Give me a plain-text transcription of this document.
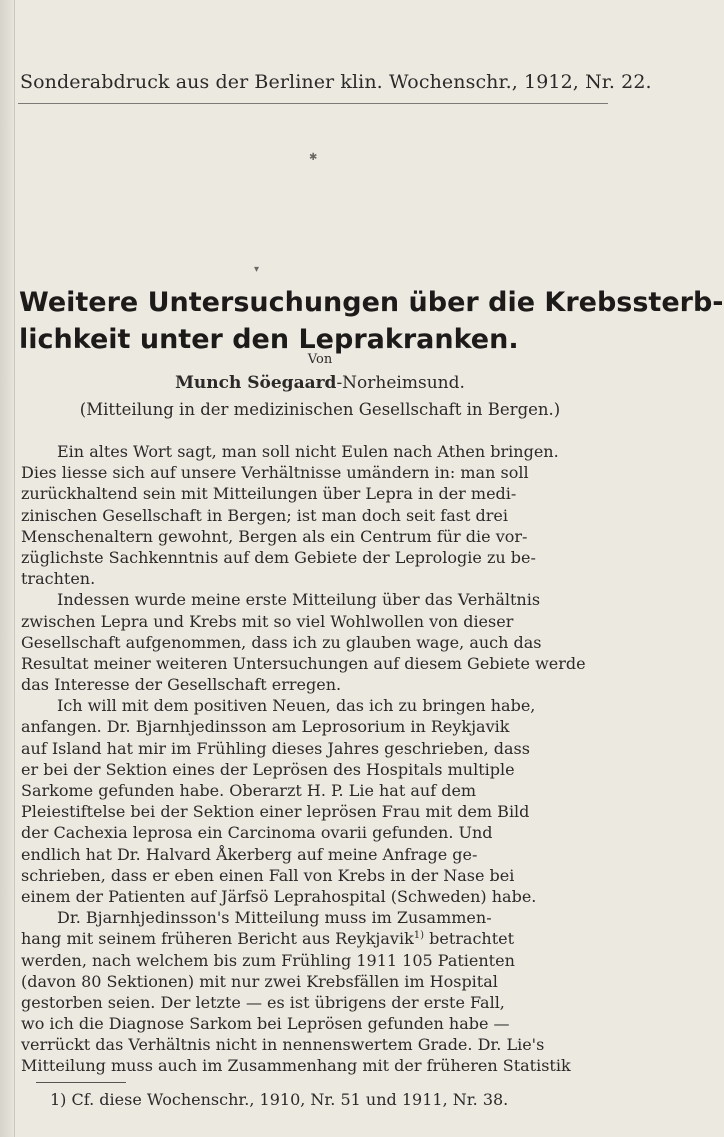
Sonderabdruck aus der Berliner klin. Wochenschr., 1912, Nr. 22.
✱
▾
Weitere Untersuchungen über die Krebssterb-
lichkeit unter den Leprakranken.
Von
Munch Söegaard-Norheimsund.
(Mitteilung in der medizinischen Gesellschaft in Bergen.)
Ein altes Wort sagt, man soll nicht Eulen nach Athen bringen.
Dies liesse sich auf unsere Verhältnisse umändern in: man soll
zurückhaltend sein mit Mitteilungen über Lepra in der medi-
zinischen Gesellschaft in Bergen; ist man doch seit fast drei
Menschenaltern gewohnt, Bergen als ein Centrum für die vor-
züglichste Sachkenntnis auf dem Gebiete der Leprologie zu be-
trachten.
Indessen wurde meine erste Mitteilung über das Verhältnis
zwischen Lepra und Krebs mit so viel Wohlwollen von dieser
Gesellschaft aufgenommen, dass ich zu glauben wage, auch das
Resultat meiner weiteren Untersuchungen auf diesem Gebiete werde
das Interesse der Gesellschaft erregen.
Ich will mit dem positiven Neuen, das ich zu bringen habe,
anfangen. Dr. Bjarnhjedinsson am Leprosorium in Reykjavik
auf Island hat mir im Frühling dieses Jahres geschrieben, dass
er bei der Sektion eines der Leprösen des Hospitals multiple
Sarkome gefunden habe. Oberarzt H. P. Lie hat auf dem
Pleiestiftelse bei der Sektion einer leprösen Frau mit dem Bild
der Cachexia leprosa ein Carcinoma ovarii gefunden. Und
endlich hat Dr. Halvard Åkerberg auf meine Anfrage ge-
schrieben, dass er eben einen Fall von Krebs in der Nase bei
einem der Patienten auf Järfsö Leprahospital (Schweden) habe.
Dr. Bjarnhjedinsson's Mitteilung muss im Zusammen-
hang mit seinem früheren Bericht aus Reykjavik$^{1)}$ betrachtet
werden, nach welchem bis zum Frühling 1911 105 Patienten
(davon 80 Sektionen) mit nur zwei Krebsfällen im Hospital
gestorben seien. Der letzte — es ist übrigens der erste Fall,
wo ich die Diagnose Sarkom bei Leprösen gefunden habe —
verrückt das Verhältnis nicht in nennenswertem Grade. Dr. Lie's
Mitteilung muss auch im Zusammenhang mit der früheren Statistik
1) Cf. diese Wochenschr., 1910, Nr. 51 und 1911, Nr. 38.
